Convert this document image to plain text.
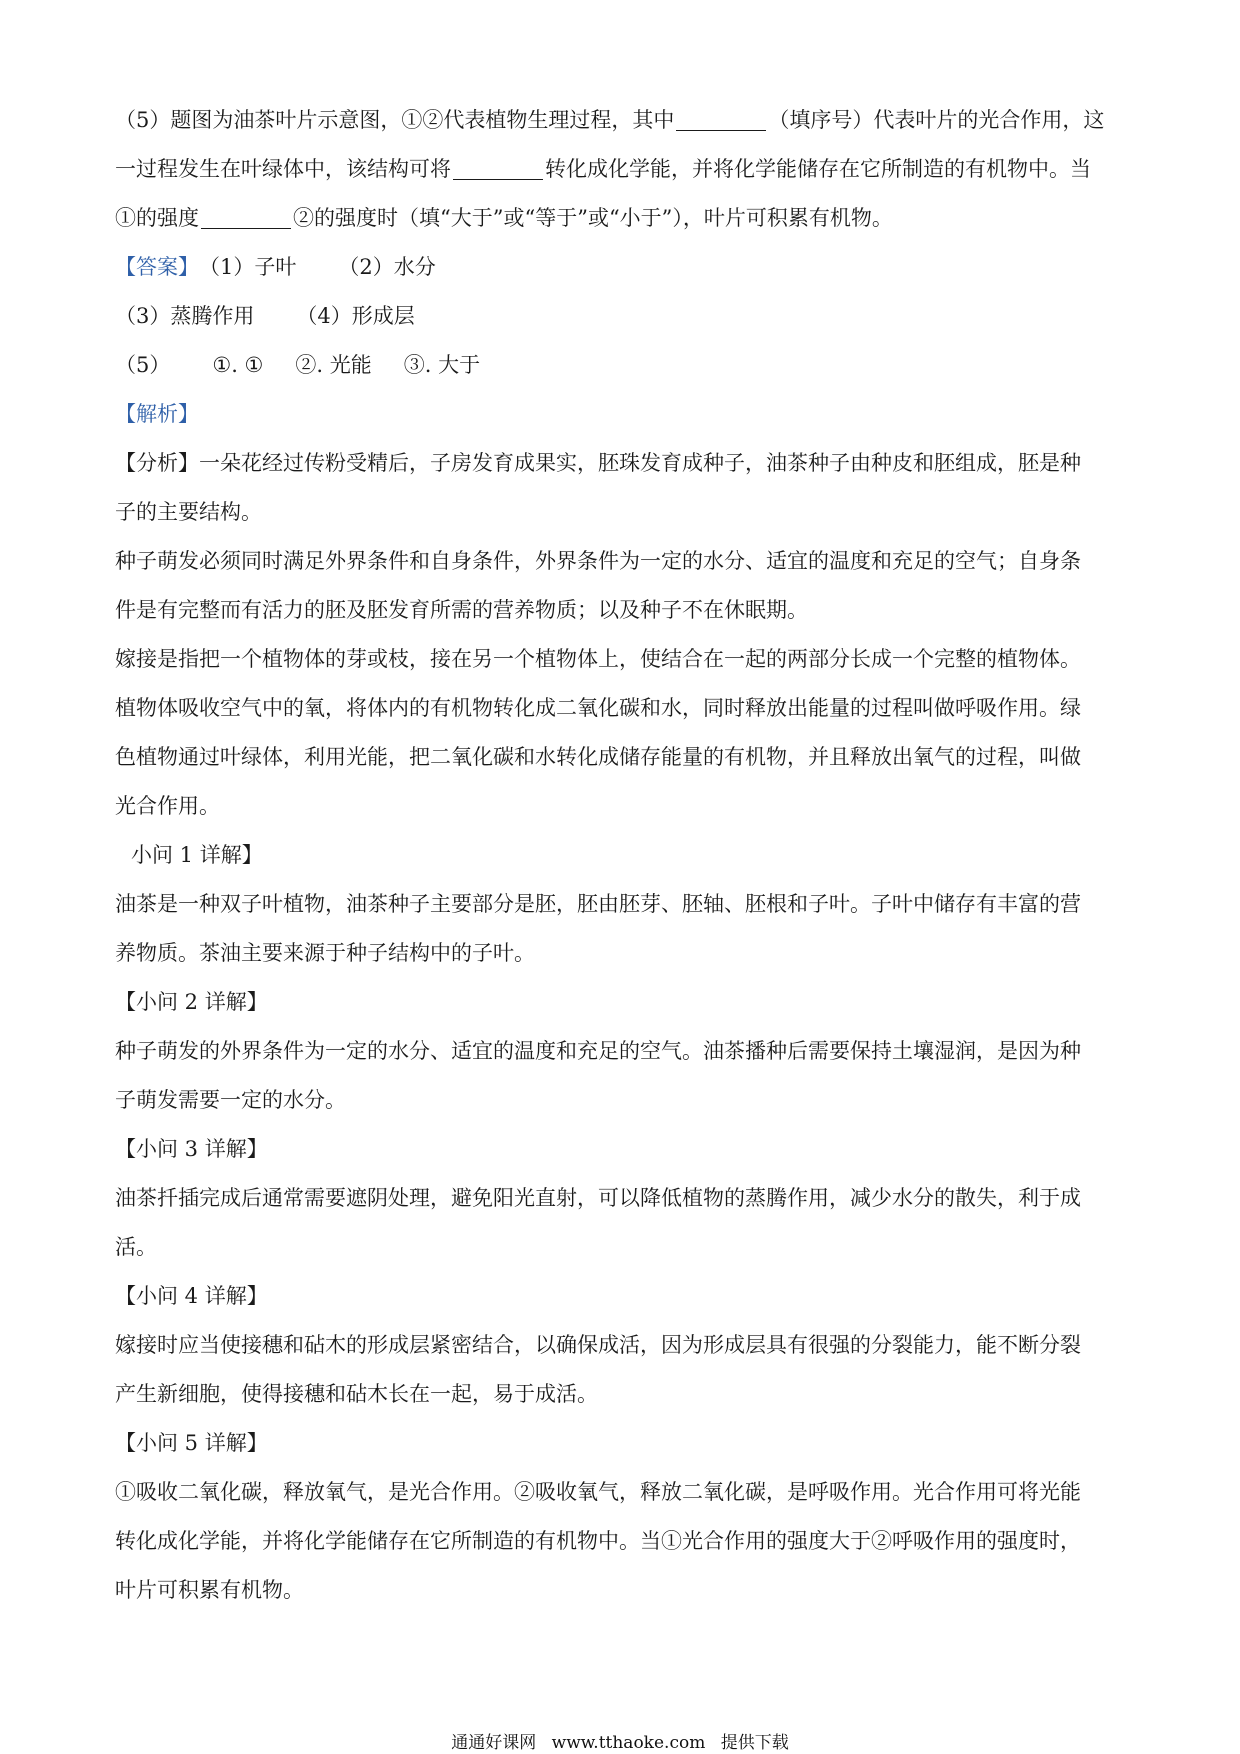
（5）题图为油茶叶片示意图，①②代表植物生理过程，其中	（填序号）代表叶片的光合作用，这
一过程发生在叶绿体中，该结构可将	转化成化学能，并将化学能储存在它所制造的有机物中。当
①的强度	②的强度时（填“大于”或“等于”或“小于”），叶片可积累有机物。
【答案】 （1）子叶 （2）水分
（3）蒸腾作用 （4）形成层
（5） ①. ① ②. 光能 ③. 大于
【解析】
【分析】一朵花经过传粉受精后，子房发育成果实，胚珠发育成种子，油茶种子由种皮和胚组成，胚是种
子的主要结构。
种子萌发必须同时满足外界条件和自身条件，外界条件为一定的水分、适宜的温度和充足的空气；自身条
件是有完整而有活力的胚及胚发育所需的营养物质；以及种子不在休眠期。
嫁接是指把一个植物体的芽或枝，接在另一个植物体上，使结合在一起的两部分长成一个完整的植物体。
植物体吸收空气中的氧，将体内的有机物转化成二氧化碳和水，同时释放出能量的过程叫做呼吸作用。绿
色植物通过叶绿体，利用光能，把二氧化碳和水转化成储存能量的有机物，并且释放出氧气的过程，叫做
光合作用。
小问 1 详解】
油茶是一种双子叶植物，油茶种子主要部分是胚，胚由胚芽、胚轴、胚根和子叶。子叶中储存有丰富的营
养物质。茶油主要来源于种子结构中的子叶。
【小问 2 详解】
种子萌发的外界条件为一定的水分、适宜的温度和充足的空气。油茶播种后需要保持土壤湿润，是因为种
子萌发需要一定的水分。
【小问 3 详解】
油茶扦插完成后通常需要遮阴处理，避免阳光直射，可以降低植物的蒸腾作用，减少水分的散失，利于成
活。
【小问 4 详解】
嫁接时应当使接穗和砧木的形成层紧密结合，以确保成活，因为形成层具有很强的分裂能力，能不断分裂
产生新细胞，使得接穗和砧木长在一起，易于成活。
【小问 5 详解】
①吸收二氧化碳，释放氧气，是光合作用。②吸收氧气，释放二氧化碳，是呼吸作用。光合作用可将光能
转化成化学能，并将化学能储存在它所制造的有机物中。当①光合作用的强度大于②呼吸作用的强度时，
叶片可积累有机物。
通通好课网 www.tthaoke.com 提供下载
